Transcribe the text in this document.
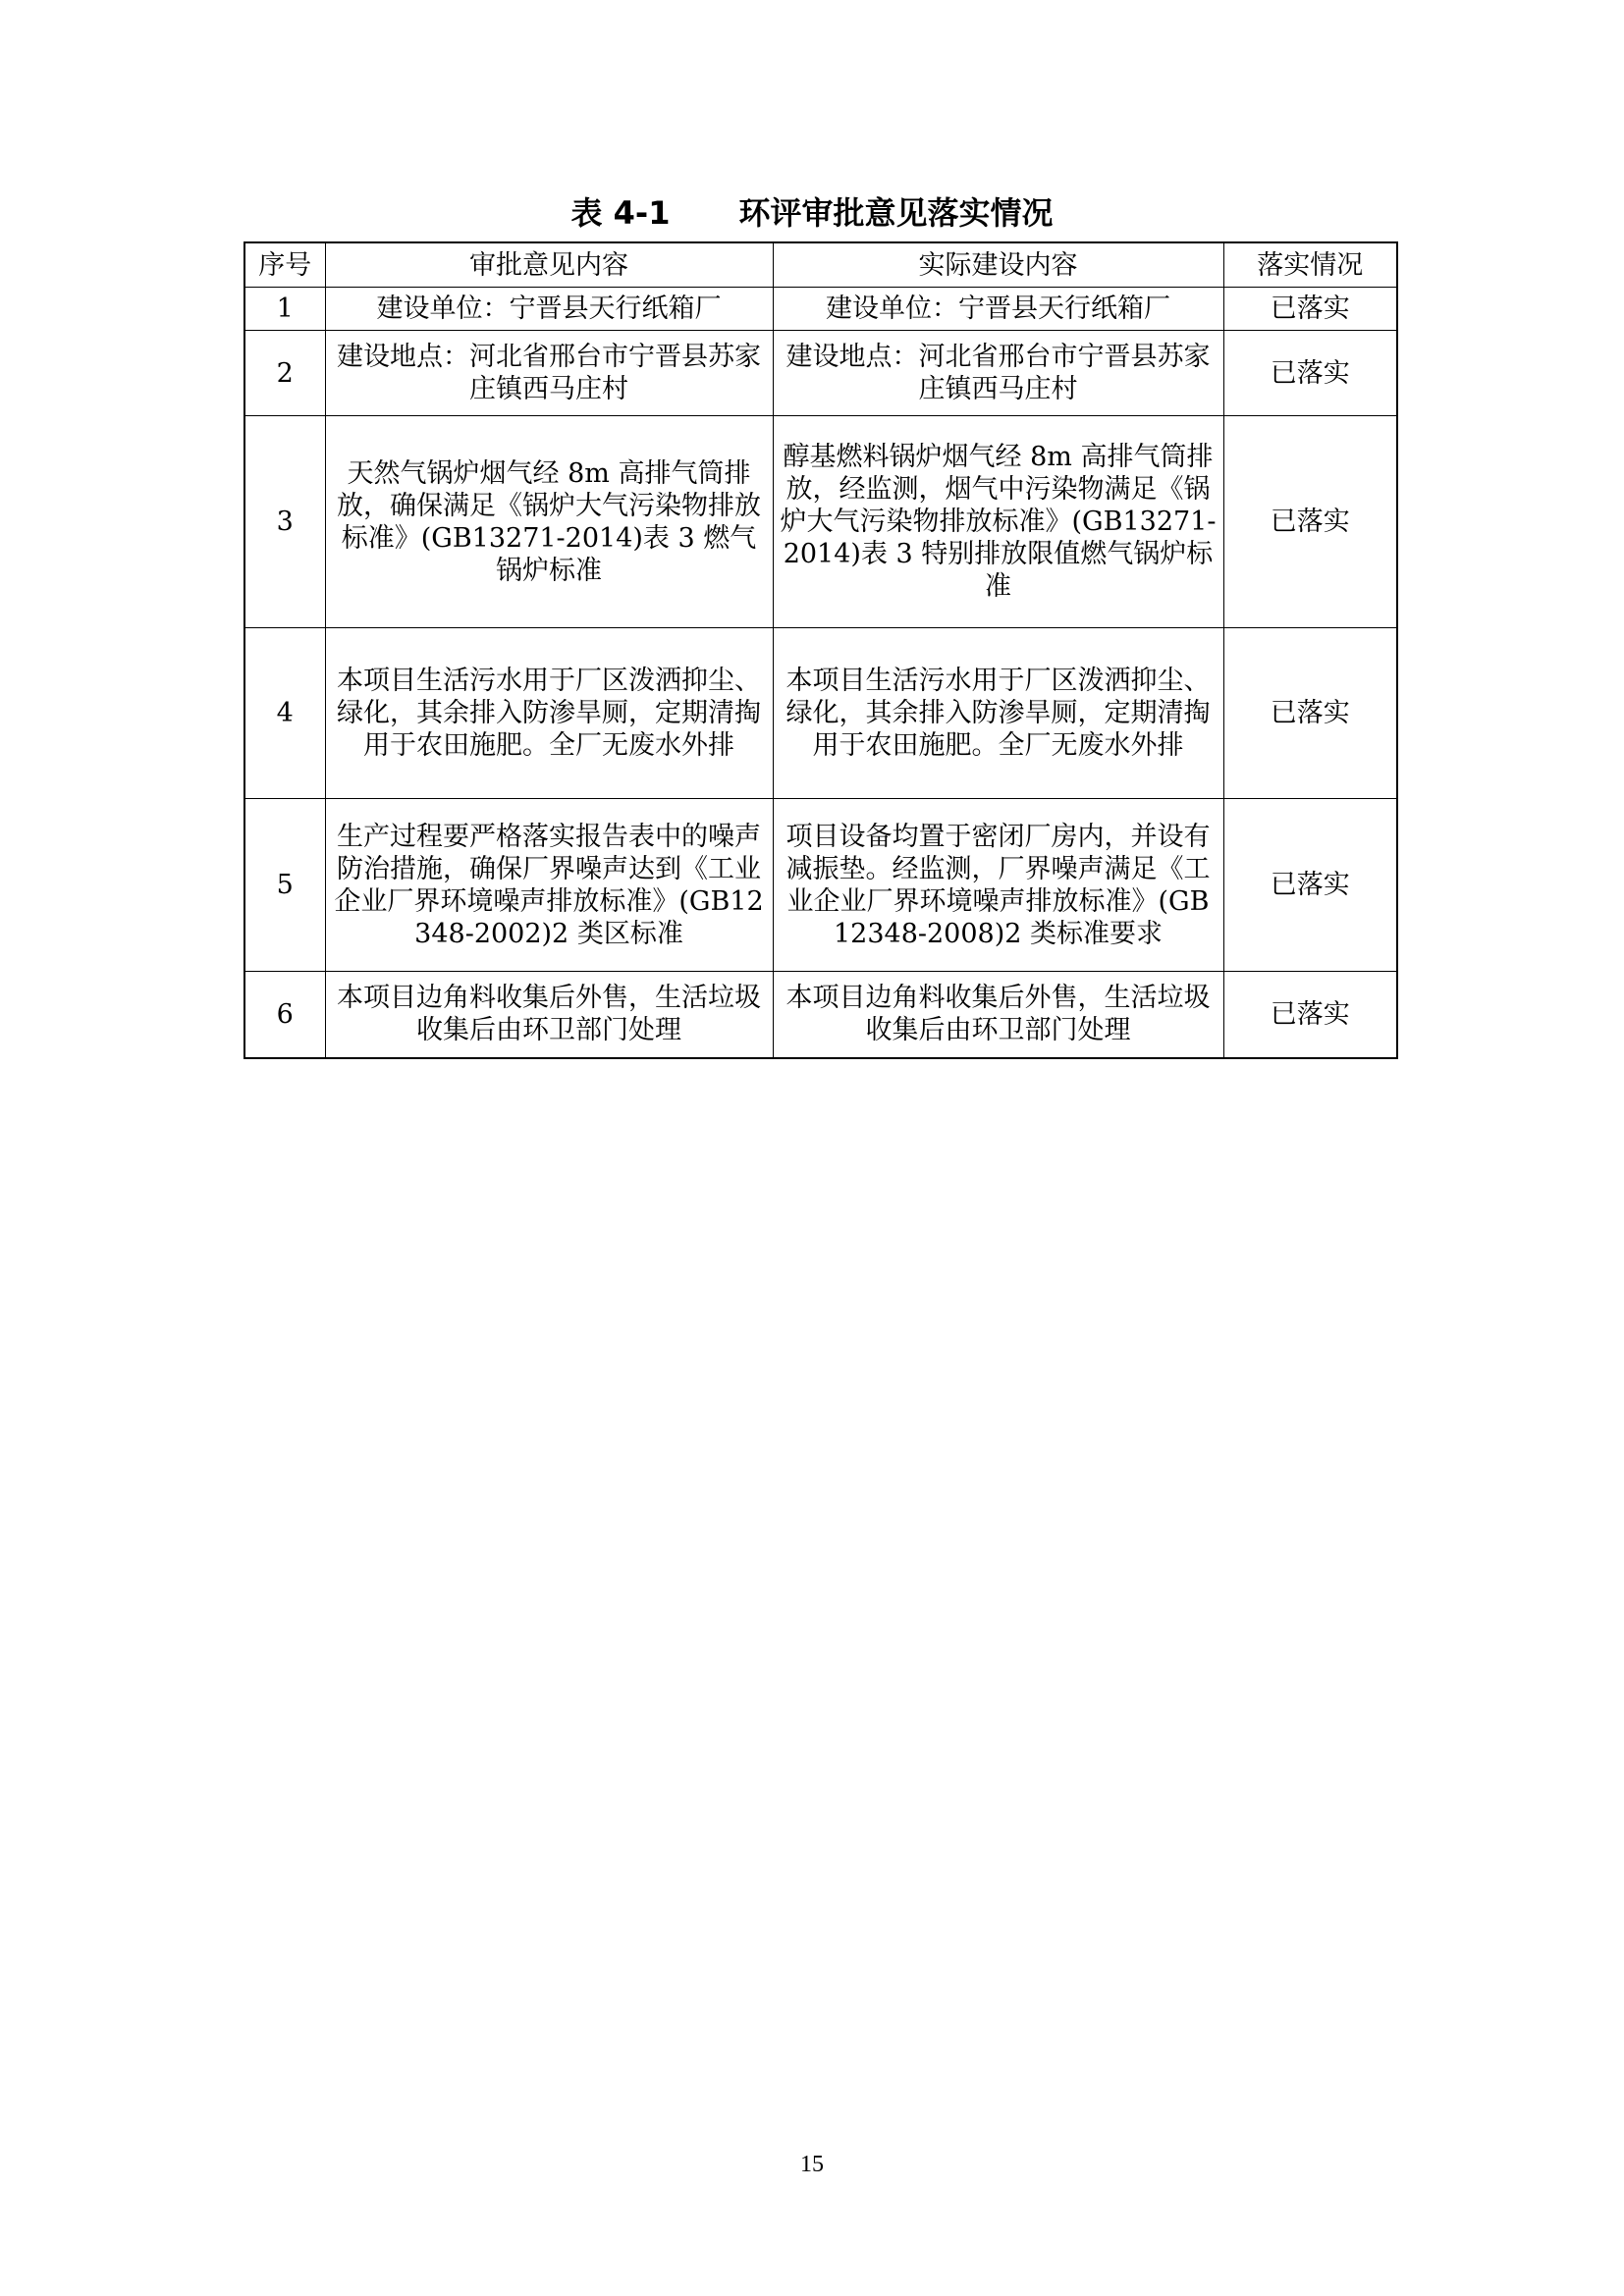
表 4-1 环评审批意见落实情况
序号	审批意见内容	实际建设内容	落实情况
1	建设单位：宁晋县天行纸箱厂	建设单位：宁晋县天行纸箱厂	已落实
2	建设地点：河北省邢台市宁晋县苏家庄镇西马庄村	建设地点：河北省邢台市宁晋县苏家庄镇西马庄村	已落实
3	天然气锅炉烟气经 8m 高排气筒排放，确保满足《锅炉大气污染物排放标准》(GB13271-2014)表 3 燃气锅炉标准	醇基燃料锅炉烟气经 8m 高排气筒排放，经监测，烟气中污染物满足《锅炉大气污染物排放标准》(GB13271-2014)表 3 特别排放限值燃气锅炉标准	已落实
4	本项目生活污水用于厂区泼洒抑尘、绿化，其余排入防渗旱厕，定期清掏用于农田施肥。全厂无废水外排	本项目生活污水用于厂区泼洒抑尘、绿化，其余排入防渗旱厕，定期清掏用于农田施肥。全厂无废水外排	已落实
5	生产过程要严格落实报告表中的噪声防治措施，确保厂界噪声达到《工业企业厂界环境噪声排放标准》(GB12348-2002)2 类区标准	项目设备均置于密闭厂房内，并设有减振垫。经监测，厂界噪声满足《工业企业厂界环境噪声排放标准》(GB12348-2008)2 类标准要求	已落实
6	本项目边角料收集后外售，生活垃圾收集后由环卫部门处理	本项目边角料收集后外售，生活垃圾收集后由环卫部门处理	已落实
15
